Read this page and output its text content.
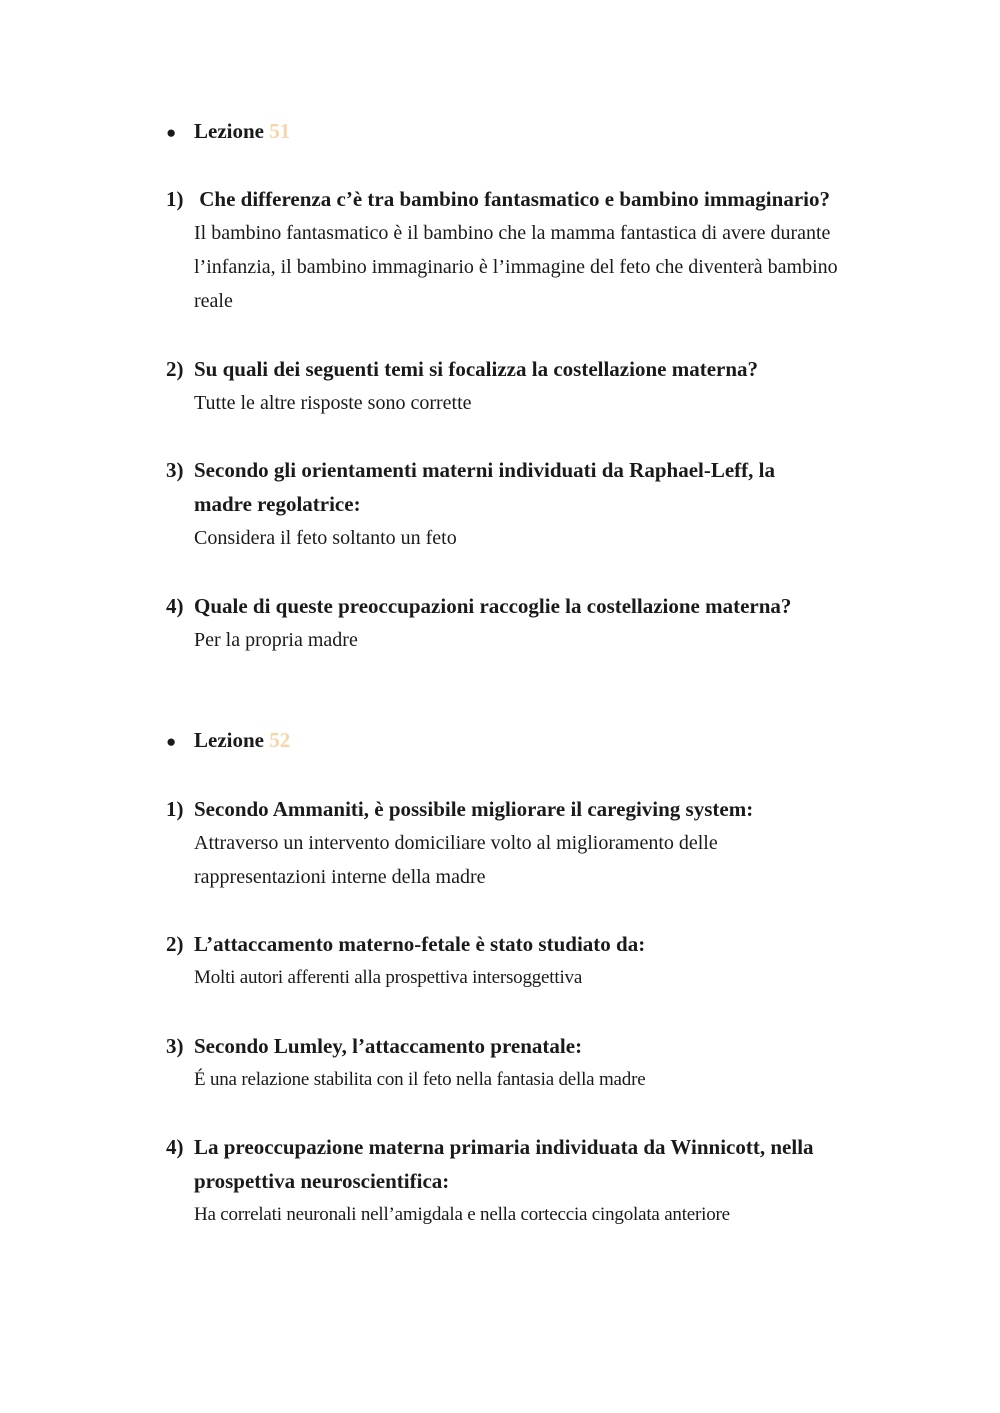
● Lezione 51
1) Che differenza c’è tra bambino fantasmatico e bambino immaginario?
Il bambino fantasmatico è il bambino che la mamma fantastica di avere durante l’infanzia, il bambino immaginario è l’immagine del feto che diventerà bambino reale
2) Su quali dei seguenti temi si focalizza la costellazione materna?
Tutte le altre risposte sono corrette
3) Secondo gli orientamenti materni individuati da Raphael-Leff, la madre regolatrice:
Considera il feto soltanto un feto
4) Quale di queste preoccupazioni raccoglie la costellazione materna?
Per la propria madre
● Lezione 52
1) Secondo Ammaniti, è possibile migliorare il caregiving system:
Attraverso un intervento domiciliare volto al miglioramento delle rappresentazioni interne della madre
2) L’attaccamento materno-fetale è stato studiato da:
Molti autori afferenti alla prospettiva intersoggettiva
3) Secondo Lumley, l’attaccamento prenatale:
É una relazione stabilita con il feto nella fantasia della madre
4) La preoccupazione materna primaria individuata da Winnicott, nella prospettiva neuroscientifica:
Ha correlati neuronali nell’amigdala e nella corteccia cingolata anteriore
